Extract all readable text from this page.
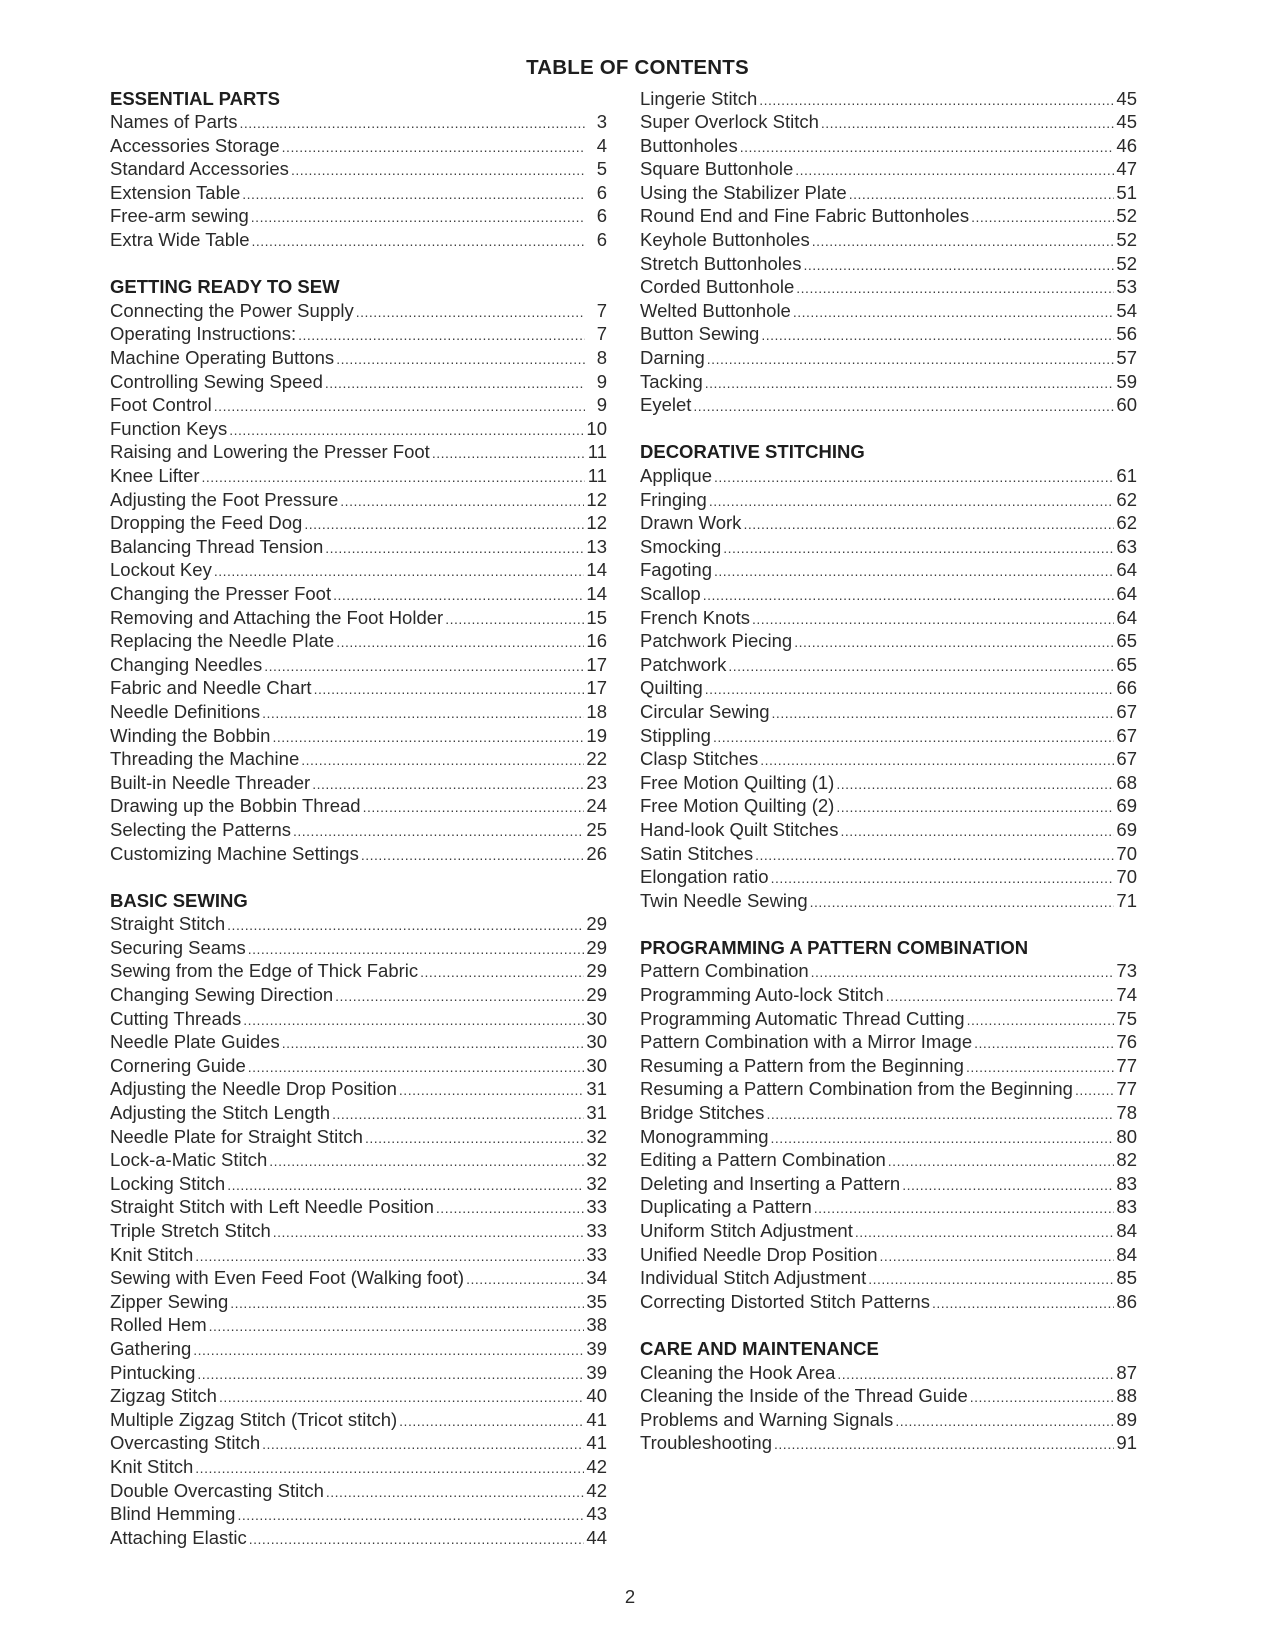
TABLE OF CONTENTS
ESSENTIAL PARTS
Names of Parts .....	3
Accessories Storage .....	4
Standard Accessories .....	5
Extension Table .....	6
Free-arm sewing .....	6
Extra Wide Table .....	6
GETTING READY TO SEW
Connecting the Power Supply .....	7
Operating Instructions: .....	7
Machine Operating Buttons .....	8
Controlling Sewing Speed .....	9
Foot Control .....	9
Function Keys .....	10
Raising and Lowering the Presser Foot .....	11
Knee Lifter .....	11
Adjusting the Foot Pressure .....	12
Dropping the Feed Dog .....	12
Balancing Thread Tension .....	13
Lockout Key .....	14
Changing the Presser Foot .....	14
Removing and Attaching the Foot Holder .....	15
Replacing the Needle Plate .....	16
Changing Needles .....	17
Fabric and Needle Chart .....	17
Needle Definitions .....	18
Winding the Bobbin .....	19
Threading the Machine .....	22
Built-in Needle Threader .....	23
Drawing up the Bobbin Thread .....	24
Selecting the Patterns .....	25
Customizing Machine Settings .....	26
BASIC SEWING
Straight Stitch .....	29
Securing Seams .....	29
Sewing from the Edge of Thick Fabric .....	29
Changing Sewing Direction .....	29
Cutting Threads .....	30
Needle Plate Guides .....	30
Cornering Guide .....	30
Adjusting the Needle Drop Position .....	31
Adjusting the Stitch Length .....	31
Needle Plate for Straight Stitch .....	32
Lock-a-Matic Stitch .....	32
Locking Stitch .....	32
Straight Stitch with Left Needle Position .....	33
Triple Stretch Stitch .....	33
Knit Stitch .....	33
Sewing with Even Feed Foot (Walking foot) .....	34
Zipper Sewing .....	35
Rolled Hem .....	38
Gathering .....	39
Pintucking .....	39
Zigzag Stitch .....	40
Multiple Zigzag Stitch (Tricot stitch) .....	41
Overcasting Stitch .....	41
Knit Stitch .....	42
Double Overcasting Stitch .....	42
Blind Hemming .....	43
Attaching Elastic .....	44
Lingerie Stitch .....	45
Super Overlock Stitch .....	45
Buttonholes .....	46
Square Buttonhole .....	47
Using the Stabilizer Plate .....	51
Round End and Fine Fabric Buttonholes .....	52
Keyhole Buttonholes .....	52
Stretch Buttonholes .....	52
Corded Buttonhole .....	53
Welted Buttonhole .....	54
Button Sewing .....	56
Darning .....	57
Tacking .....	59
Eyelet .....	60
DECORATIVE STITCHING
Applique .....	61
Fringing .....	62
Drawn Work .....	62
Smocking .....	63
Fagoting .....	64
Scallop .....	64
French Knots .....	64
Patchwork Piecing .....	65
Patchwork .....	65
Quilting .....	66
Circular Sewing .....	67
Stippling .....	67
Clasp Stitches .....	67
Free Motion Quilting (1) .....	68
Free Motion Quilting (2) .....	69
Hand-look Quilt Stitches .....	69
Satin Stitches .....	70
Elongation ratio .....	70
Twin Needle Sewing .....	71
PROGRAMMING A PATTERN COMBINATION
Pattern Combination .....	73
Programming Auto-lock Stitch .....	74
Programming Automatic Thread Cutting .....	75
Pattern Combination with a Mirror Image .....	76
Resuming a Pattern from the Beginning .....	77
Resuming a Pattern Combination from the Beginning ..... 77
Bridge Stitches .....	78
Monogramming .....	80
Editing a Pattern Combination .....	82
Deleting and Inserting a Pattern .....	83
Duplicating a Pattern .....	83
Uniform Stitch Adjustment .....	84
Unified Needle Drop Position .....	84
Individual Stitch Adjustment .....	85
Correcting Distorted Stitch Patterns .....	86
CARE AND MAINTENANCE
Cleaning the Hook Area .....	87
Cleaning the Inside of the Thread Guide .....	88
Problems and Warning Signals .....	89
Troubleshooting .....	91
2
